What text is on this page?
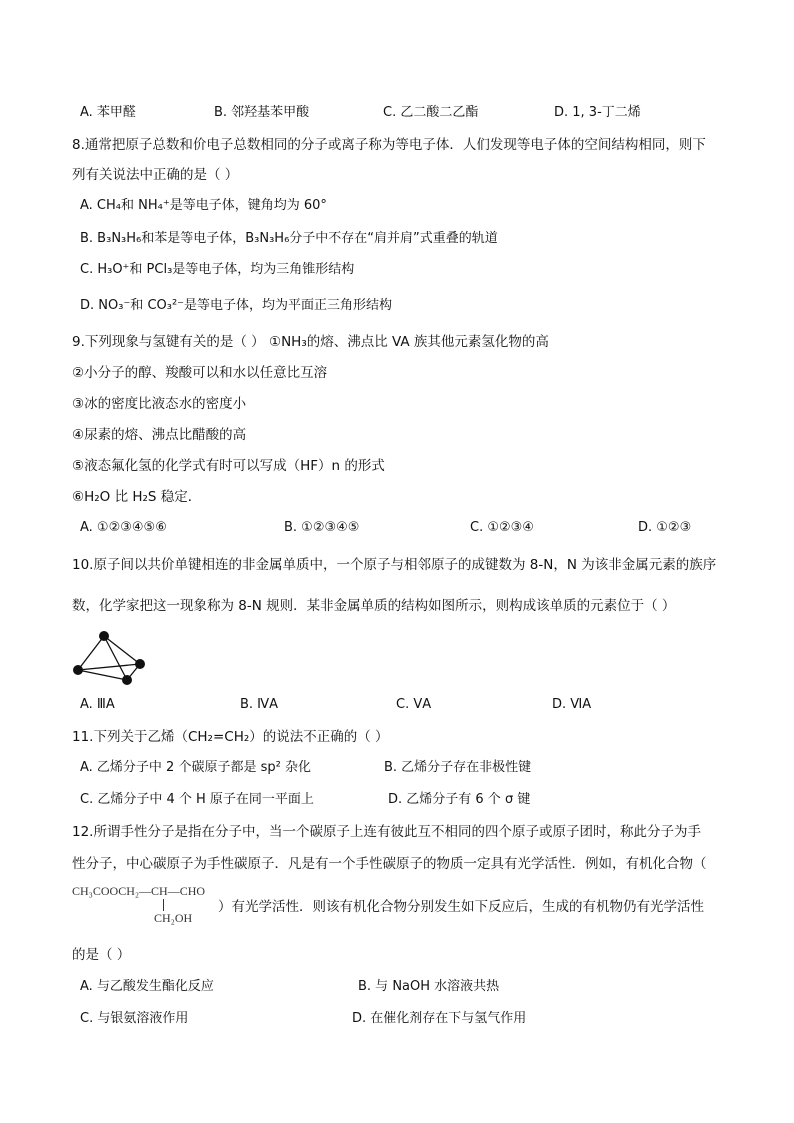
A. 苯甲醛	B. 邻羟基苯甲酸	C. 乙二酸二乙酯	D. 1, 3-丁二烯
8.通常把原子总数和价电子总数相同的分子或离子称为等电子体．人们发现等电子体的空间结构相同，则下
列有关说法中正确的是（ ）
A. CH₄和 NH₄⁺是等电子体，键角均为 60°
B. B₃N₃H₆和苯是等电子体，B₃N₃H₆分子中不存在“肩并肩”式重叠的轨道
C. H₃O⁺和 PCl₃是等电子体，均为三角锥形结构
D. NO₃⁻和 CO₃²⁻是等电子体，均为平面正三角形结构
9.下列现象与氢键有关的是（ ） ①NH₃的熔、沸点比 VA 族其他元素氢化物的高
②小分子的醇、羧酸可以和水以任意比互溶
③冰的密度比液态水的密度小
④尿素的熔、沸点比醋酸的高
⑤液态氟化氢的化学式有时可以写成（HF）n 的形式
⑥H₂O 比 H₂S 稳定．
A. ①②③④⑤⑥	B. ①②③④⑤	C. ①②③④	D. ①②③
10.原子间以共价单键相连的非金属单质中，一个原子与相邻原子的成键数为 8-N，N 为该非金属元素的族序
数，化学家把这一现象称为 8-N 规则．某非金属单质的结构如图所示，则构成该单质的元素位于（ ）
A. ⅢA	B. ⅣA	C. ⅤA	D. ⅥA
11.下列关于乙烯（CH₂=CH₂）的说法不正确的（ ）
A. 乙烯分子中 2 个碳原子都是 sp² 杂化	B. 乙烯分子存在非极性键
C. 乙烯分子中 4 个 H 原子在同一平面上	D. 乙烯分子有 6 个 σ 键
12.所谓手性分子是指在分子中，当一个碳原子上连有彼此互不相同的四个原子或原子团时，称此分子为手
性分子，中心碳原子为手性碳原子．凡是有一个手性碳原子的物质一定具有光学活性．例如，有机化合物（
CH₃COOCH₂—CH—CHO
CH₂OH
）有光学活性．则该有机化合物分别发生如下反应后，生成的有机物仍有光学活性
的是（ ）
A. 与乙酸发生酯化反应	B. 与 NaOH 水溶液共热
C. 与银氨溶液作用	D. 在催化剂存在下与氢气作用
